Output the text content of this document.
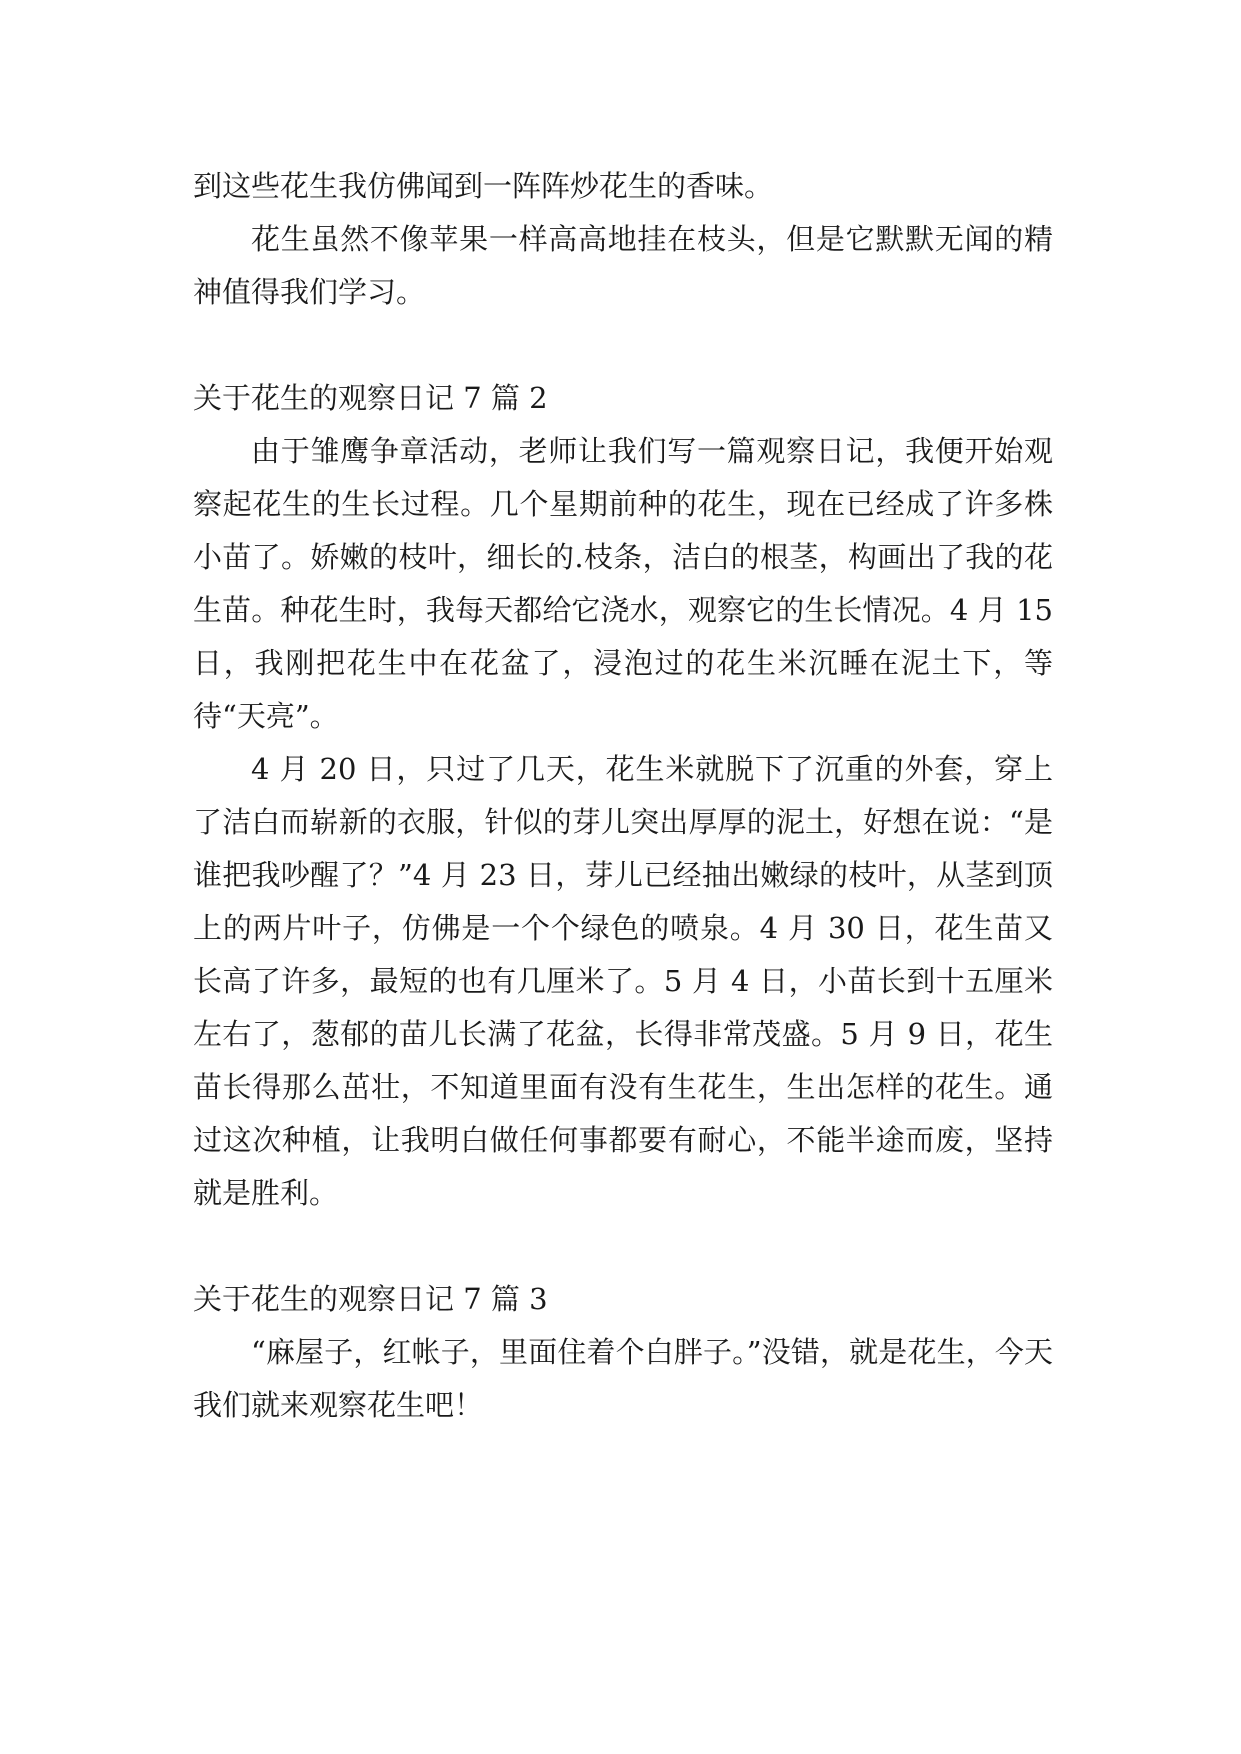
到这些花生我仿佛闻到一阵阵炒花生的香味。

花生虽然不像苹果一样高高地挂在枝头，但是它默默无闻的精神值得我们学习。

关于花生的观察日记 7 篇 2

由于雏鹰争章活动，老师让我们写一篇观察日记，我便开始观察起花生的生长过程。几个星期前种的花生，现在已经成了许多株小苗了。娇嫩的枝叶，细长的.枝条，洁白的根茎，构画出了我的花生苗。种花生时，我每天都给它浇水，观察它的生长情况。4 月 15 日，我刚把花生中在花盆了，浸泡过的花生米沉睡在泥土下，等待“天亮”。

4 月 20 日，只过了几天，花生米就脱下了沉重的外套，穿上了洁白而崭新的衣服，针似的芽儿突出厚厚的泥土，好想在说：“是谁把我吵醒了？”4 月 23 日，芽儿已经抽出嫩绿的枝叶，从茎到顶上的两片叶子，仿佛是一个个绿色的喷泉。4 月 30 日，花生苗又长高了许多，最短的也有几厘米了。5 月 4 日，小苗长到十五厘米左右了，葱郁的苗儿长满了花盆，长得非常茂盛。5 月 9 日，花生苗长得那么茁壮，不知道里面有没有生花生，生出怎样的花生。通过这次种植，让我明白做任何事都要有耐心，不能半途而废，坚持就是胜利。

关于花生的观察日记 7 篇 3

“麻屋子，红帐子，里面住着个白胖子。”没错，就是花生，今天我们就来观察花生吧！
